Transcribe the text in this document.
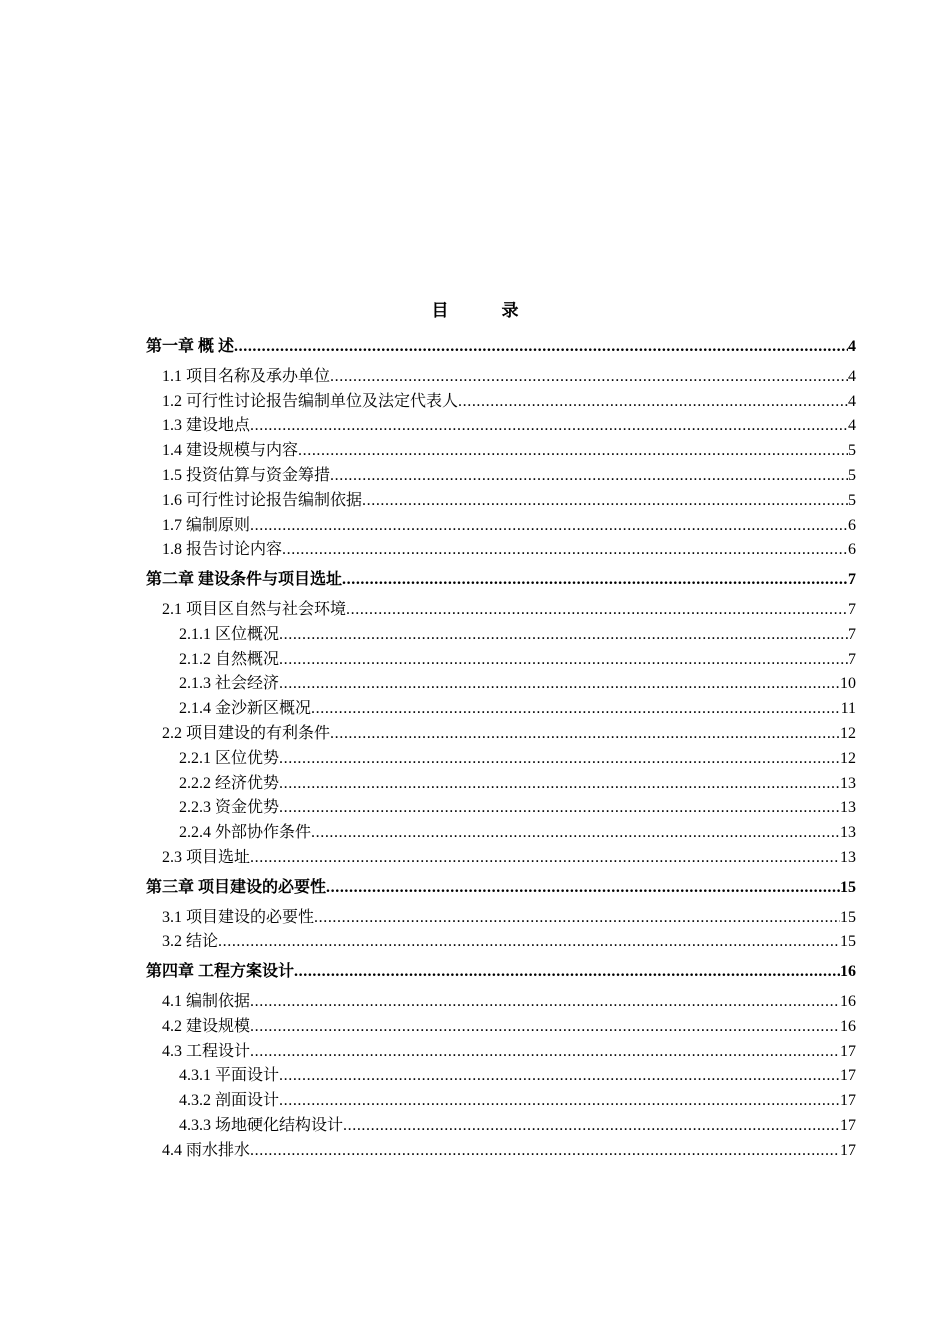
目　录
第一章 概 述 .....	4
1.1 项目名称及承办单位 .....	4
1.2 可行性讨论报告编制单位及法定代表人 .....	4
1.3 建设地点 .....	4
1.4 建设规模与内容 .....	5
1.5 投资估算与资金筹措 .....	5
1.6 可行性讨论报告编制依据 .....	5
1.7 编制原则 .....	6
1.8 报告讨论内容 .....	6
第二章 建设条件与项目选址 .....	7
2.1 项目区自然与社会环境 .....	7
2.1.1 区位概况 .....	7
2.1.2 自然概况 .....	7
2.1.3 社会经济 .....	10
2.1.4 金沙新区概况 .....	11
2.2 项目建设的有利条件 .....	12
2.2.1 区位优势 .....	12
2.2.2 经济优势 .....	13
2.2.3 资金优势 .....	13
2.2.4 外部协作条件 .....	13
2.3 项目选址 .....	13
第三章 项目建设的必要性 .....	15
3.1 项目建设的必要性 .....	15
3.2 结论 .....	15
第四章 工程方案设计 .....	16
4.1 编制依据 .....	16
4.2 建设规模 .....	16
4.3 工程设计 .....	17
4.3.1 平面设计 .....	17
4.3.2 剖面设计 .....	17
4.3.3 场地硬化结构设计 .....	17
4.4 雨水排水 .....	17
